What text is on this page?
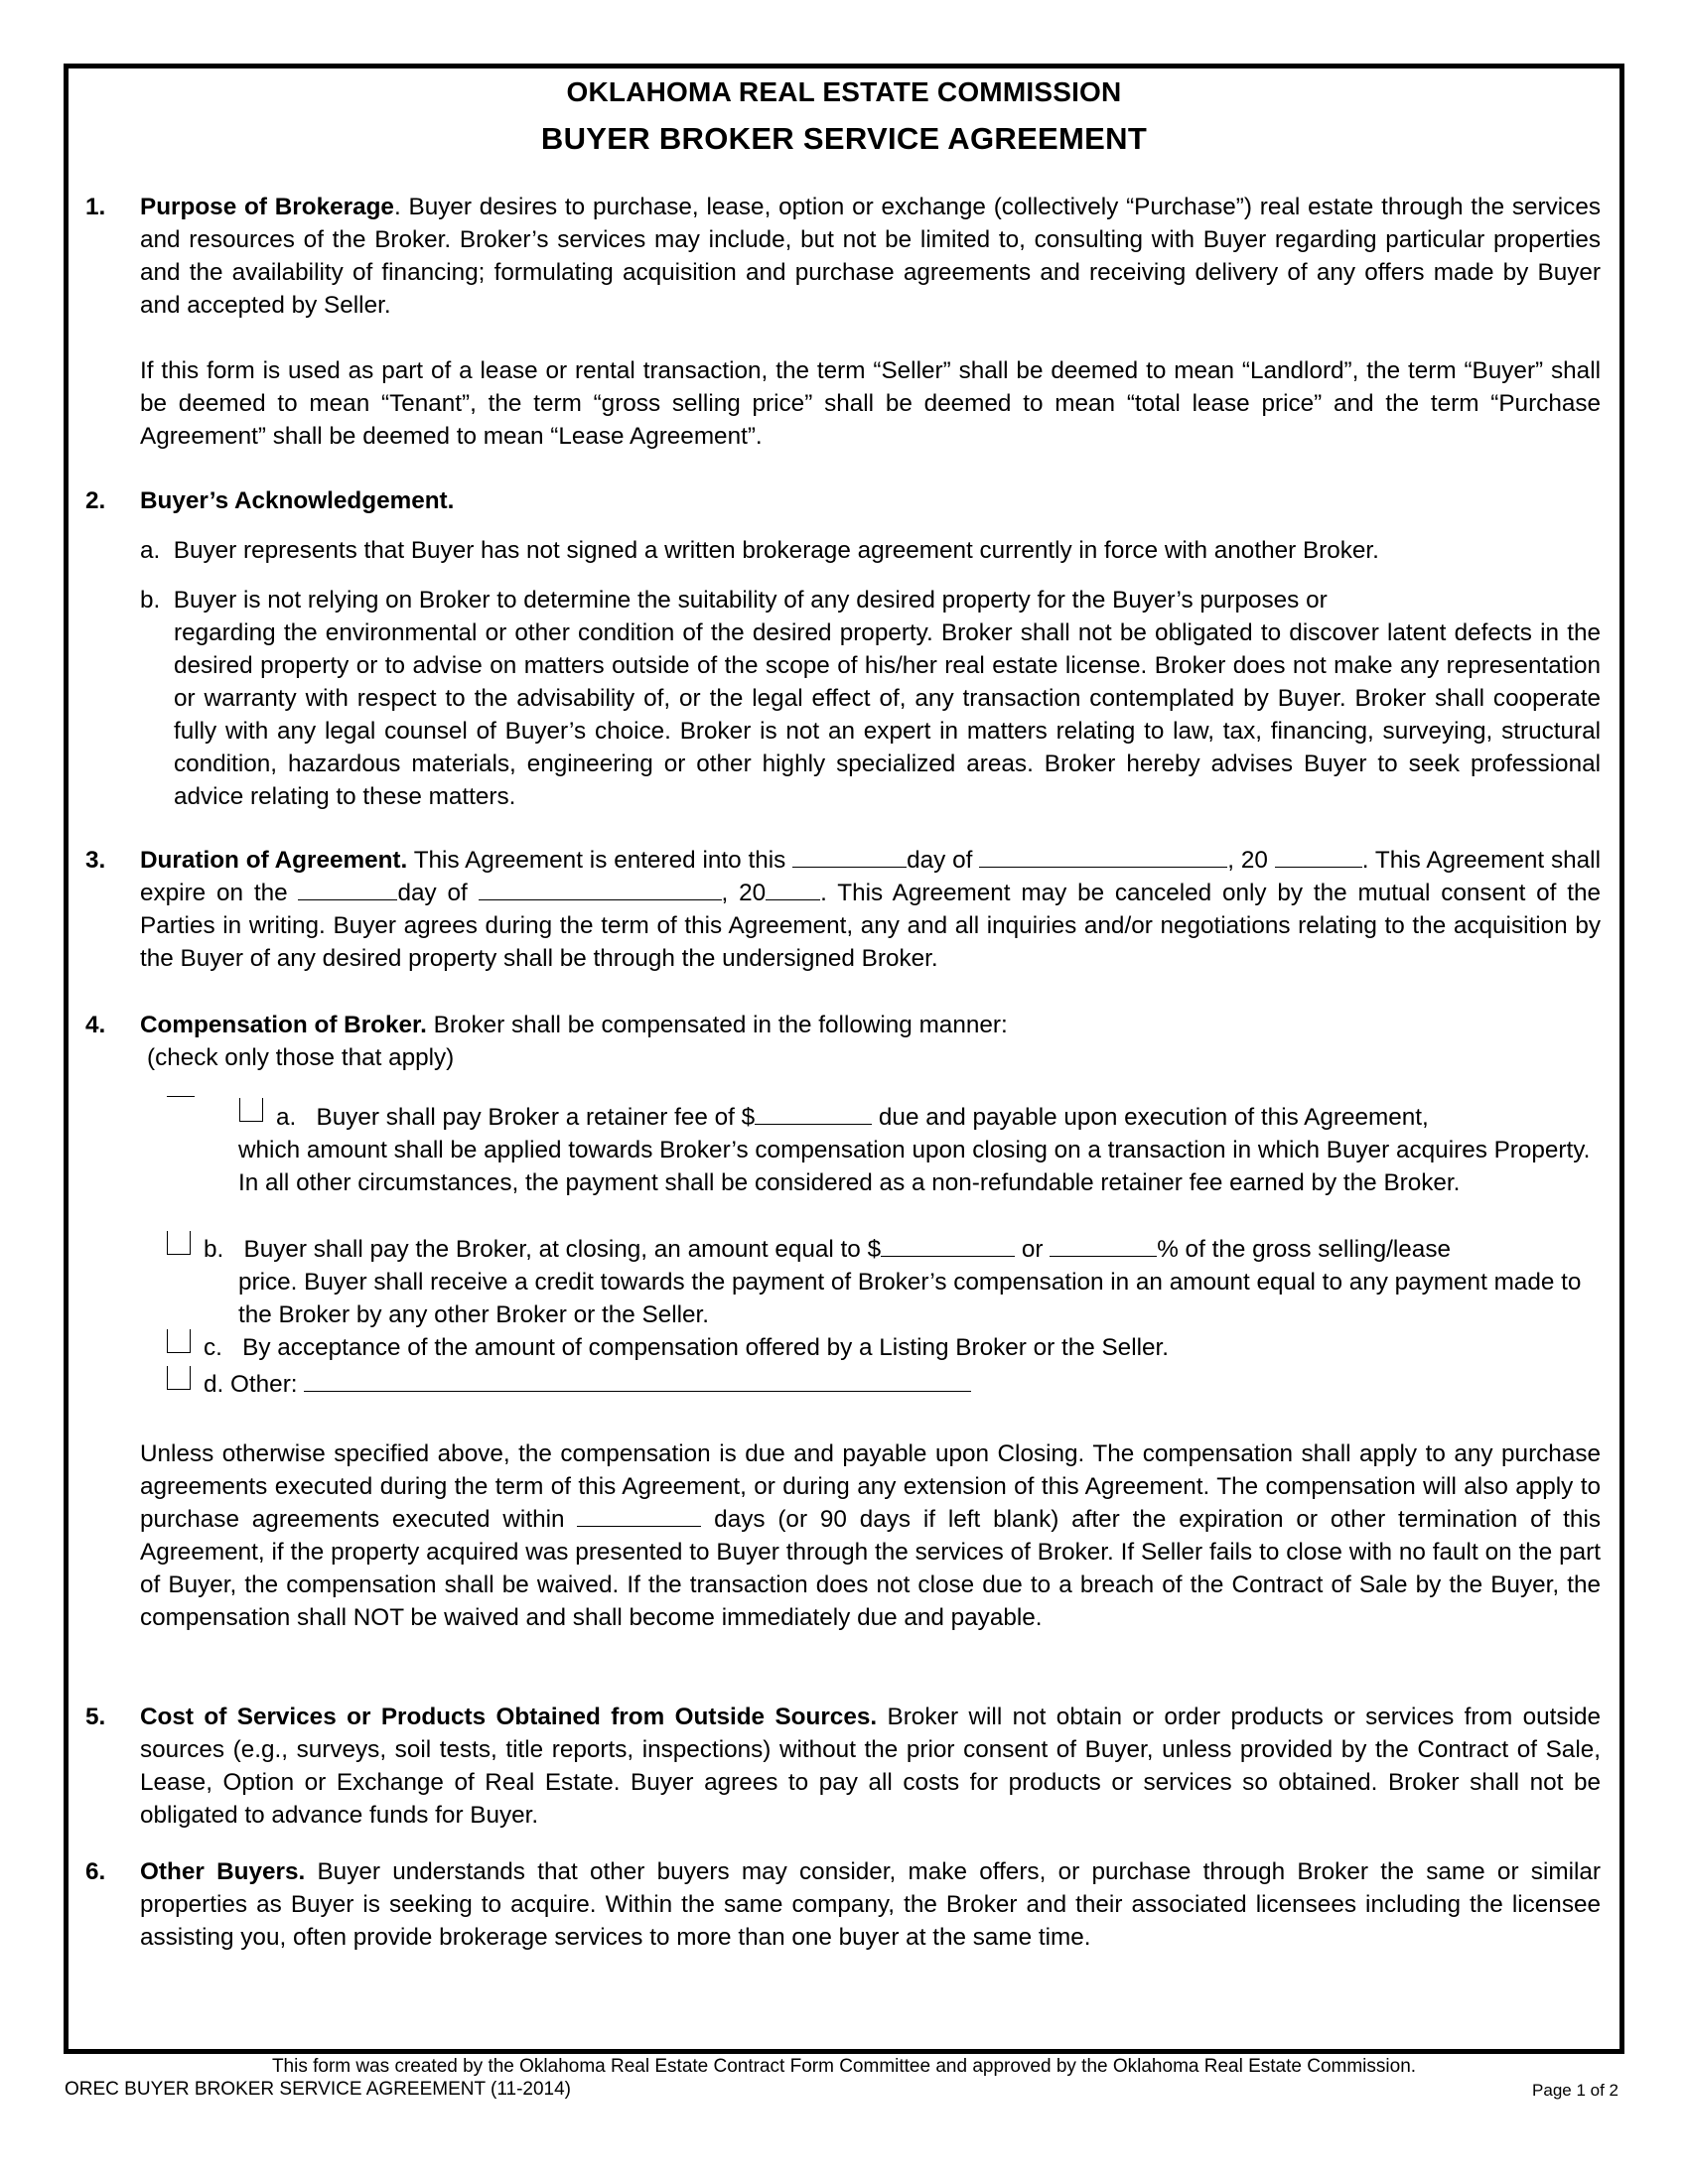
OKLAHOMA REAL ESTATE COMMISSION
BUYER BROKER SERVICE AGREEMENT
1. Purpose of Brokerage. Buyer desires to purchase, lease, option or exchange (collectively “Purchase”) real estate through the services and resources of the Broker. Broker’s services may include, but not be limited to, consulting with Buyer regarding particular properties and the availability of financing; formulating acquisition and purchase agreements and receiving delivery of any offers made by Buyer and accepted by Seller.
If this form is used as part of a lease or rental transaction, the term “Seller” shall be deemed to mean “Landlord”, the term “Buyer” shall be deemed to mean “Tenant”, the term “gross selling price” shall be deemed to mean “total lease price” and the term “Purchase Agreement” shall be deemed to mean “Lease Agreement”.
2. Buyer’s Acknowledgement.
a. Buyer represents that Buyer has not signed a written brokerage agreement currently in force with another Broker.
b. Buyer is not relying on Broker to determine the suitability of any desired property for the Buyer’s purposes or
regarding the environmental or other condition of the desired property. Broker shall not be obligated to discover latent defects in the desired property or to advise on matters outside of the scope of his/her real estate license. Broker does not make any representation or warranty with respect to the advisability of, or the legal effect of, any transaction contemplated by Buyer. Broker shall cooperate fully with any legal counsel of Buyer’s choice. Broker is not an expert in matters relating to law, tax, financing, surveying, structural condition, hazardous materials, engineering or other highly specialized areas. Broker hereby advises Buyer to seek professional advice relating to these matters.
3. Duration of Agreement. This Agreement is entered into this	day of	, 20	. This Agreement shall expire on the	day of	, 20 . This Agreement may be canceled only by the mutual consent of the Parties in writing. Buyer agrees during the term of this Agreement, any and all inquiries and/or negotiations relating to the acquisition by the Buyer of any desired property shall be through the undersigned Broker.
4. Compensation of Broker. Broker shall be compensated in the following manner:
(check only those that apply)
a. Buyer shall pay Broker a retainer fee of $	due and payable upon execution of this Agreement,
which amount shall be applied towards Broker’s compensation upon closing on a transaction in which Buyer acquires Property. In all other circumstances, the payment shall be considered as a non-refundable retainer fee earned by the Broker.
b. Buyer shall pay the Broker, at closing, an amount equal to $	or	% of the gross selling/lease
price. Buyer shall receive a credit towards the payment of Broker’s compensation in an amount equal to any payment made to the Broker by any other Broker or the Seller.
c. By acceptance of the amount of compensation offered by a Listing Broker or the Seller.
d. Other:
Unless otherwise specified above, the compensation is due and payable upon Closing. The compensation shall apply to any purchase agreements executed during the term of this Agreement, or during any extension of this Agreement. The compensation will also apply to purchase agreements executed within	days (or 90 days if left blank) after the expiration or other termination of this Agreement, if the property acquired was presented to Buyer through the services of Broker. If Seller fails to close with no fault on the part of Buyer, the compensation shall be waived. If the transaction does not close due to a breach of the Contract of Sale by the Buyer, the compensation shall NOT be waived and shall become immediately due and payable.
5. Cost of Services or Products Obtained from Outside Sources. Broker will not obtain or order products or services from outside sources (e.g., surveys, soil tests, title reports, inspections) without the prior consent of Buyer, unless provided by the Contract of Sale, Lease, Option or Exchange of Real Estate. Buyer agrees to pay all costs for products or services so obtained. Broker shall not be obligated to advance funds for Buyer.
6. Other Buyers. Buyer understands that other buyers may consider, make offers, or purchase through Broker the same or similar properties as Buyer is seeking to acquire. Within the same company, the Broker and their associated licensees including the licensee assisting you, often provide brokerage services to more than one buyer at the same time.
This form was created by the Oklahoma Real Estate Contract Form Committee and approved by the Oklahoma Real Estate Commission.
OREC BUYER BROKER SERVICE AGREEMENT (11-2014)	Page 1 of 2
